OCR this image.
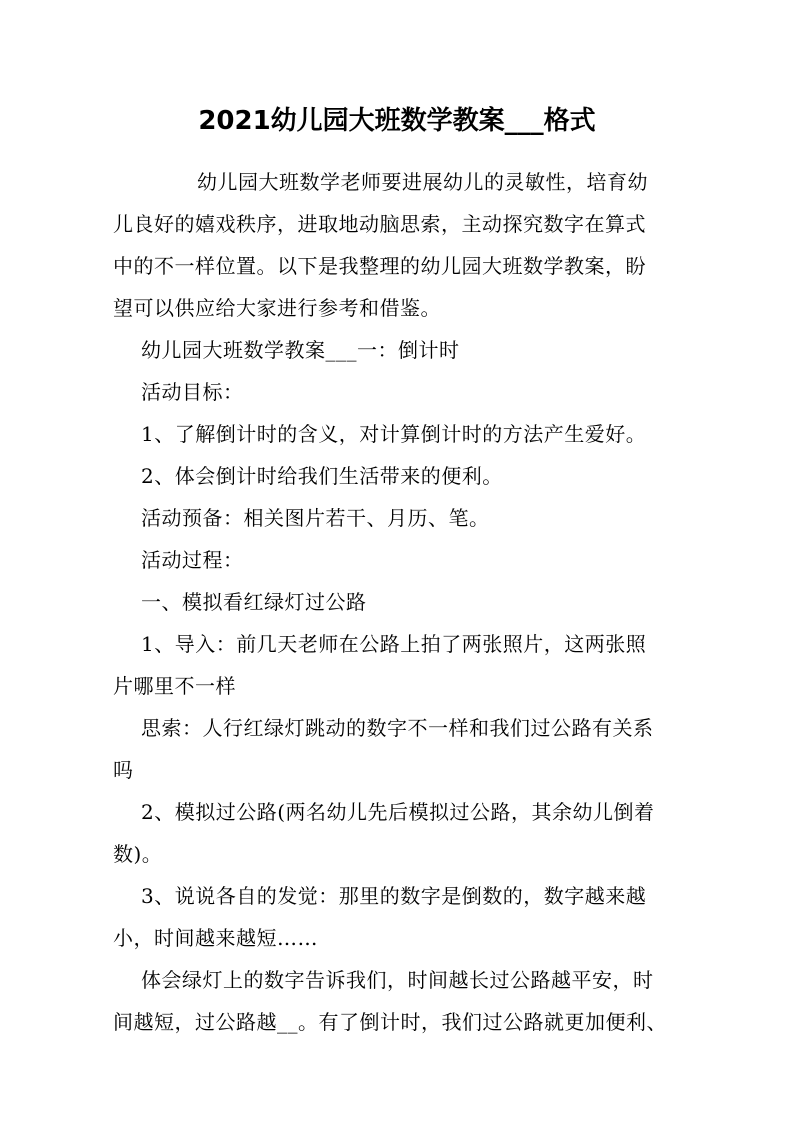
2021幼儿园大班数学教案___格式
幼儿园大班数学老师要进展幼儿的灵敏性，培育幼
儿良好的嬉戏秩序，进取地动脑思索，主动探究数字在算式
中的不一样位置。以下是我整理的幼儿园大班数学教案，盼
望可以供应给大家进行参考和借鉴。
幼儿园大班数学教案___一：倒计时
活动目标：
1、了解倒计时的含义，对计算倒计时的方法产生爱好。
2、体会倒计时给我们生活带来的便利。
活动预备：相关图片若干、月历、笔。
活动过程：
一、模拟看红绿灯过公路
1、导入：前几天老师在公路上拍了两张照片，这两张照
片哪里不一样
思索：人行红绿灯跳动的数字不一样和我们过公路有关系
吗
2、模拟过公路(两名幼儿先后模拟过公路，其余幼儿倒着
数)。
3、说说各自的发觉：那里的数字是倒数的，数字越来越
小，时间越来越短……
体会绿灯上的数字告诉我们，时间越长过公路越平安，时
间越短，过公路越__。有了倒计时，我们过公路就更加便利、
